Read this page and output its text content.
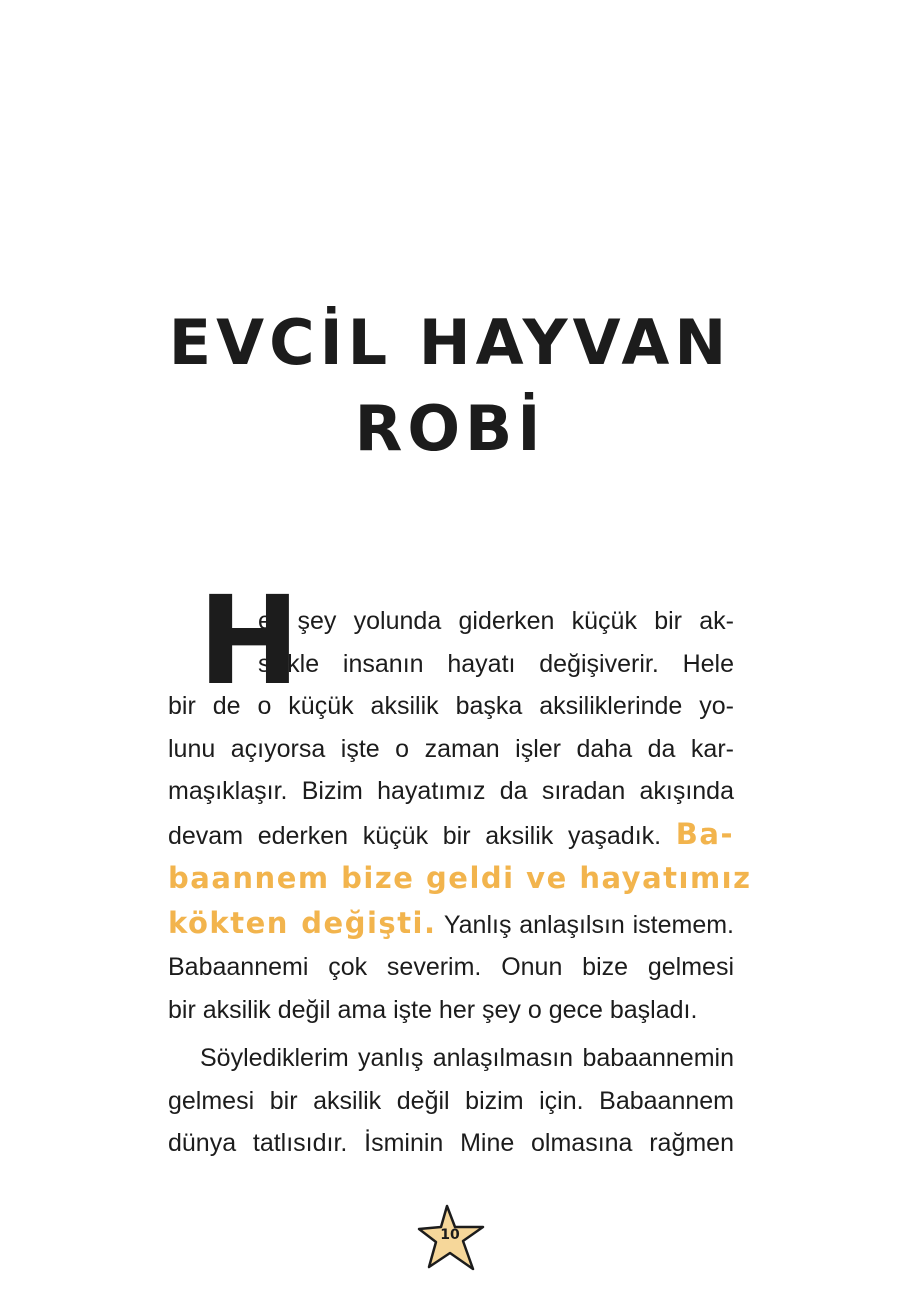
EVCİL HAYVAN
ROBİ
H
er şey yolunda giderken küçük bir ak-
silikle insanın hayatı değişiverir. Hele
bir de o küçük aksilik başka aksiliklerinde yo-
lunu açıyorsa işte o zaman işler daha da kar-
maşıklaşır. Bizim hayatımız da sıradan akışında
devam ederken küçük bir aksilik yaşadık. Ba-
baannem bize geldi ve hayatımız
kökten değişti. Yanlış anlaşılsın istemem.
Babaannemi çok severim. Onun bize gelmesi
bir aksilik değil ama işte her şey o gece başladı.
Söylediklerim yanlış anlaşılmasın babaannemin
gelmesi bir aksilik değil bizim için. Babaannem
dünya tatlısıdır. İsminin Mine olmasına rağmen
10
